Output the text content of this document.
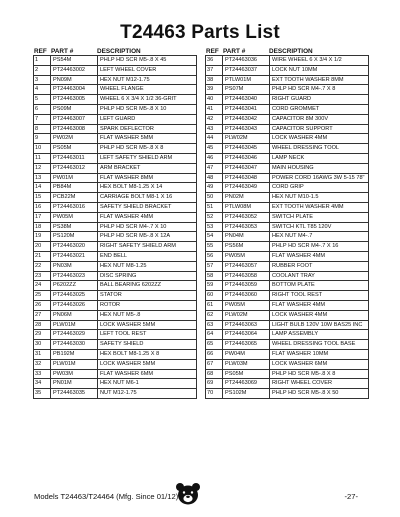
T24463 Parts List
REF PART #	DESCRIPTION
1	PS54M	PHLP HD SCR M5-.8 X 45
2	PT24463002	LEFT WHEEL COVER
3	PN09M	HEX NUT M12-1.75
4	PT24463004	WHEEL FLANGE
5	PT24463005	WHEEL 6 X 3/4 X 1/2 36-GRIT
6	PS09M	PHLP HD SCR M5-.8 X 10
7	PT24463007	LEFT GUARD
8	PT24463008	SPARK DEFLECTOR
9	PW02M	FLAT WASHER 5MM
10	PS05M	PHLP HD SCR M5-.8 X 8
11	PT24463011	LEFT SAFETY SHIELD ARM
12	PT24463012	ARM BRACKET
13	PW01M	FLAT WASHER 8MM
14	PB84M	HEX BOLT M8-1.25 X 14
15	PCB22M	CARRIAGE BOLT M8-1 X 16
16	PT24463016	SAFETY SHIELD BRACKET
17	PW05M	FLAT WASHER 4MM
18	PS38M	PHLP HD SCR M4-.7 X 10
19	PS120M	PHLP HD SCR M5-.8 X 12A
20	PT24463020	RIGHT SAFETY SHIELD ARM
21	PT24463021	END BELL
22	PN03M	HEX NUT M8-1.25
23	PT24463023	DISC SPRING
24	P6202ZZ	BALL BEARING 6202ZZ
25	PT24463025	STATOR
26	PT24463026	ROTOR
27	PN06M	HEX NUT M5-.8
28	PLW01M	LOCK WASHER 5MM
29	PT24463029	LEFT TOOL REST
30	PT24463030	SAFETY SHIELD
31	PB192M	HEX BOLT M8-1.25 X 8
32	PLW01M	LOCK WASHER 5MM
33	PW03M	FLAT WASHER 6MM
34	PN01M	HEX NUT M6-1
35	PT24463035	NUT M12-1.75
REF PART #	DESCRIPTION
36	PT24463036	WIRE WHEEL 6 X 3/4 X 1/2
37	PT24463037	LOCK NUT 10MM
38	PTLW01M	EXT TOOTH WASHER 8MM
39	PS07M	PHLP HD SCR M4-.7 X 8
40	PT24463040	RIGHT GUARD
41	PT24463041	CORD GROMMET
42	PT24463042	CAPACITOR 8M 300V
43	PT24463043	CAPACITOR SUPPORT
44	PLW02M	LOCK WASHER 4MM
45	PT24463045	WHEEL DRESSING TOOL
46	PT24463046	LAMP NECK
47	PT24463047	MAIN HOUSING
48	PT24463048	POWER CORD 16AWG 3W 5-15 78"
49	PT24463049	CORD GRIP
50	PN02M	HEX NUT M10-1.5
51	PTLW08M	EXT TOOTH WASHER 4MM
52	PT24463052	SWITCH PLATE
53	PT24463053	SWITCH KTL T85 120V
54	PN04M	HEX NUT M4-.7
55	PS56M	PHLP HD SCR M4-.7 X 16
56	PW05M	FLAT WASHER 4MM
57	PT24463057	RUBBER FOOT
58	PT24463058	COOLANT TRAY
59	PT24463059	BOTTOM PLATE
60	PT24463060	RIGHT TOOL REST
61	PW05M	FLAT WASHER 4MM
62	PLW02M	LOCK WASHER 4MM
63	PT24463063	LIGHT BULB 120V 10W BAS25 INC
64	PT24463064	LAMP ASSEMBLY
65	PT24463065	WHEEL DRESSING TOOL BASE
66	PW04M	FLAT WASHER 10MM
67	PLW03M	LOCK WASHER 6MM
68	PS05M	PHLP HD SCR M5-.8 X 8
69	PT24463069	RIGHT WHEEL COVER
70	PS102M	PHLP HD SCR M5-.8 X 50
Models T24463/T24464 (Mfg. Since 01/12)	-27-
